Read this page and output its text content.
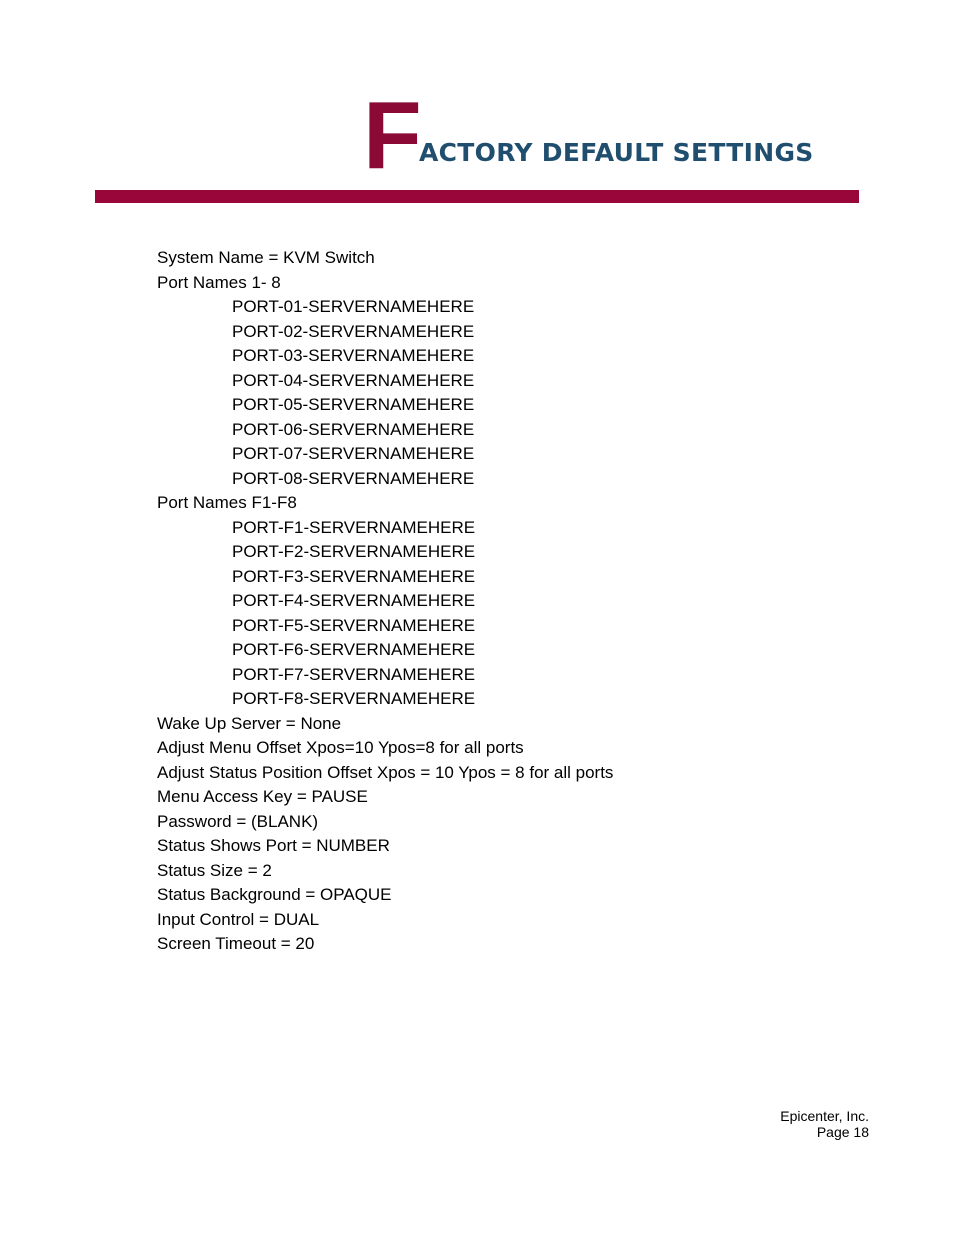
F
ACTORY DEFAULT SETTINGS
System Name = KVM Switch
Port Names 1- 8
PORT-01-SERVERNAMEHERE
PORT-02-SERVERNAMEHERE
PORT-03-SERVERNAMEHERE
PORT-04-SERVERNAMEHERE
PORT-05-SERVERNAMEHERE
PORT-06-SERVERNAMEHERE
PORT-07-SERVERNAMEHERE
PORT-08-SERVERNAMEHERE
Port Names F1-F8
PORT-F1-SERVERNAMEHERE
PORT-F2-SERVERNAMEHERE
PORT-F3-SERVERNAMEHERE
PORT-F4-SERVERNAMEHERE
PORT-F5-SERVERNAMEHERE
PORT-F6-SERVERNAMEHERE
PORT-F7-SERVERNAMEHERE
PORT-F8-SERVERNAMEHERE
Wake Up Server = None
Adjust Menu Offset Xpos=10 Ypos=8 for all ports
Adjust Status Position Offset Xpos = 10 Ypos = 8 for all ports
Menu Access Key = PAUSE
Password = (BLANK)
Status Shows Port = NUMBER
Status Size = 2
Status Background = OPAQUE
Input Control = DUAL
Screen Timeout = 20
Epicenter, Inc.
Page 18
